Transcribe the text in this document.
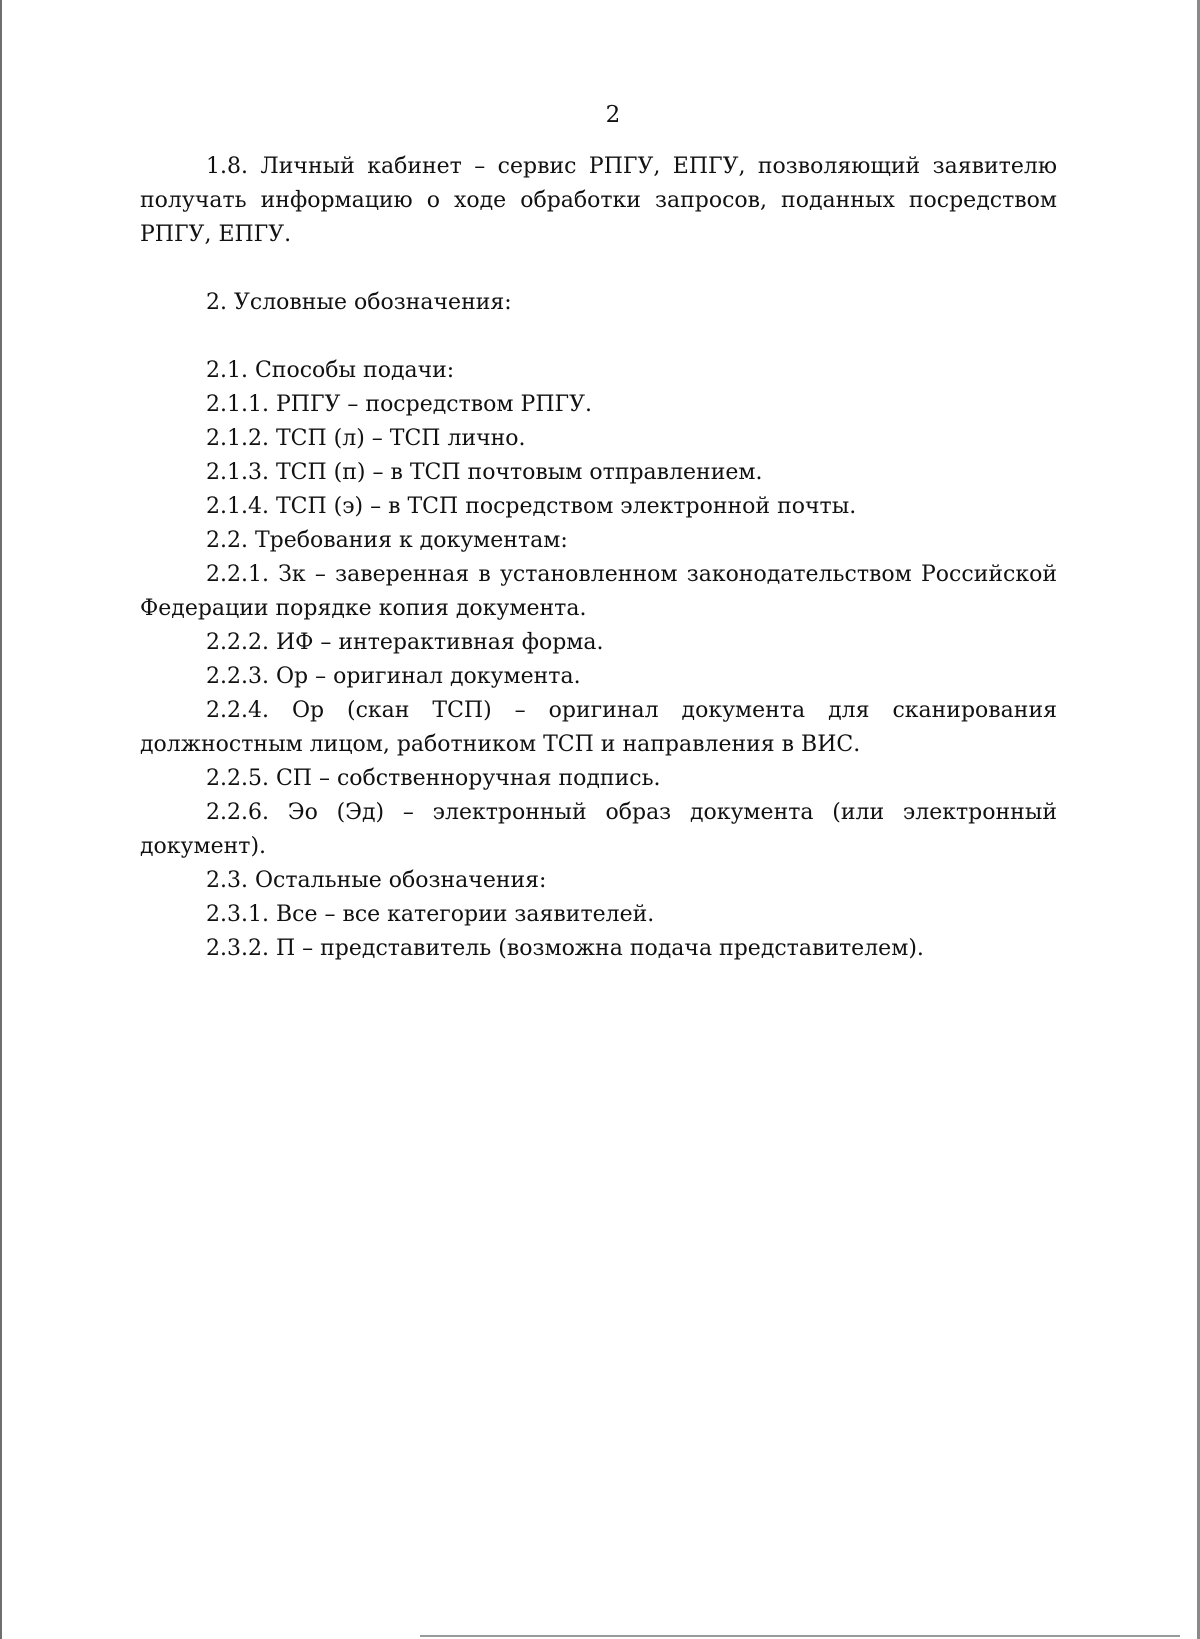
2

1.8. Личный кабинет – сервис РПГУ, ЕПГУ, позволяющий заявителю получать информацию о ходе обработки запросов, поданных посредством РПГУ, ЕПГУ.

2. Условные обозначения:

2.1. Способы подачи:

2.1.1. РПГУ – посредством РПГУ.

2.1.2. ТСП (л) – ТСП лично.

2.1.3. ТСП (п) – в ТСП почтовым отправлением.

2.1.4. ТСП (э) – в ТСП посредством электронной почты.

2.2. Требования к документам:

2.2.1. Зк – заверенная в установленном законодательством Российской Федерации порядке копия документа.

2.2.2. ИФ – интерактивная форма.

2.2.3. Ор – оригинал документа.

2.2.4. Ор (скан ТСП) – оригинал документа для сканирования должностным лицом, работником ТСП и направления в ВИС.

2.2.5. СП – собственноручная подпись.

2.2.6. Эо (Эд) – электронный образ документа (или электронный документ).

2.3. Остальные обозначения:

2.3.1. Все – все категории заявителей.

2.3.2. П – представитель (возможна подача представителем).
